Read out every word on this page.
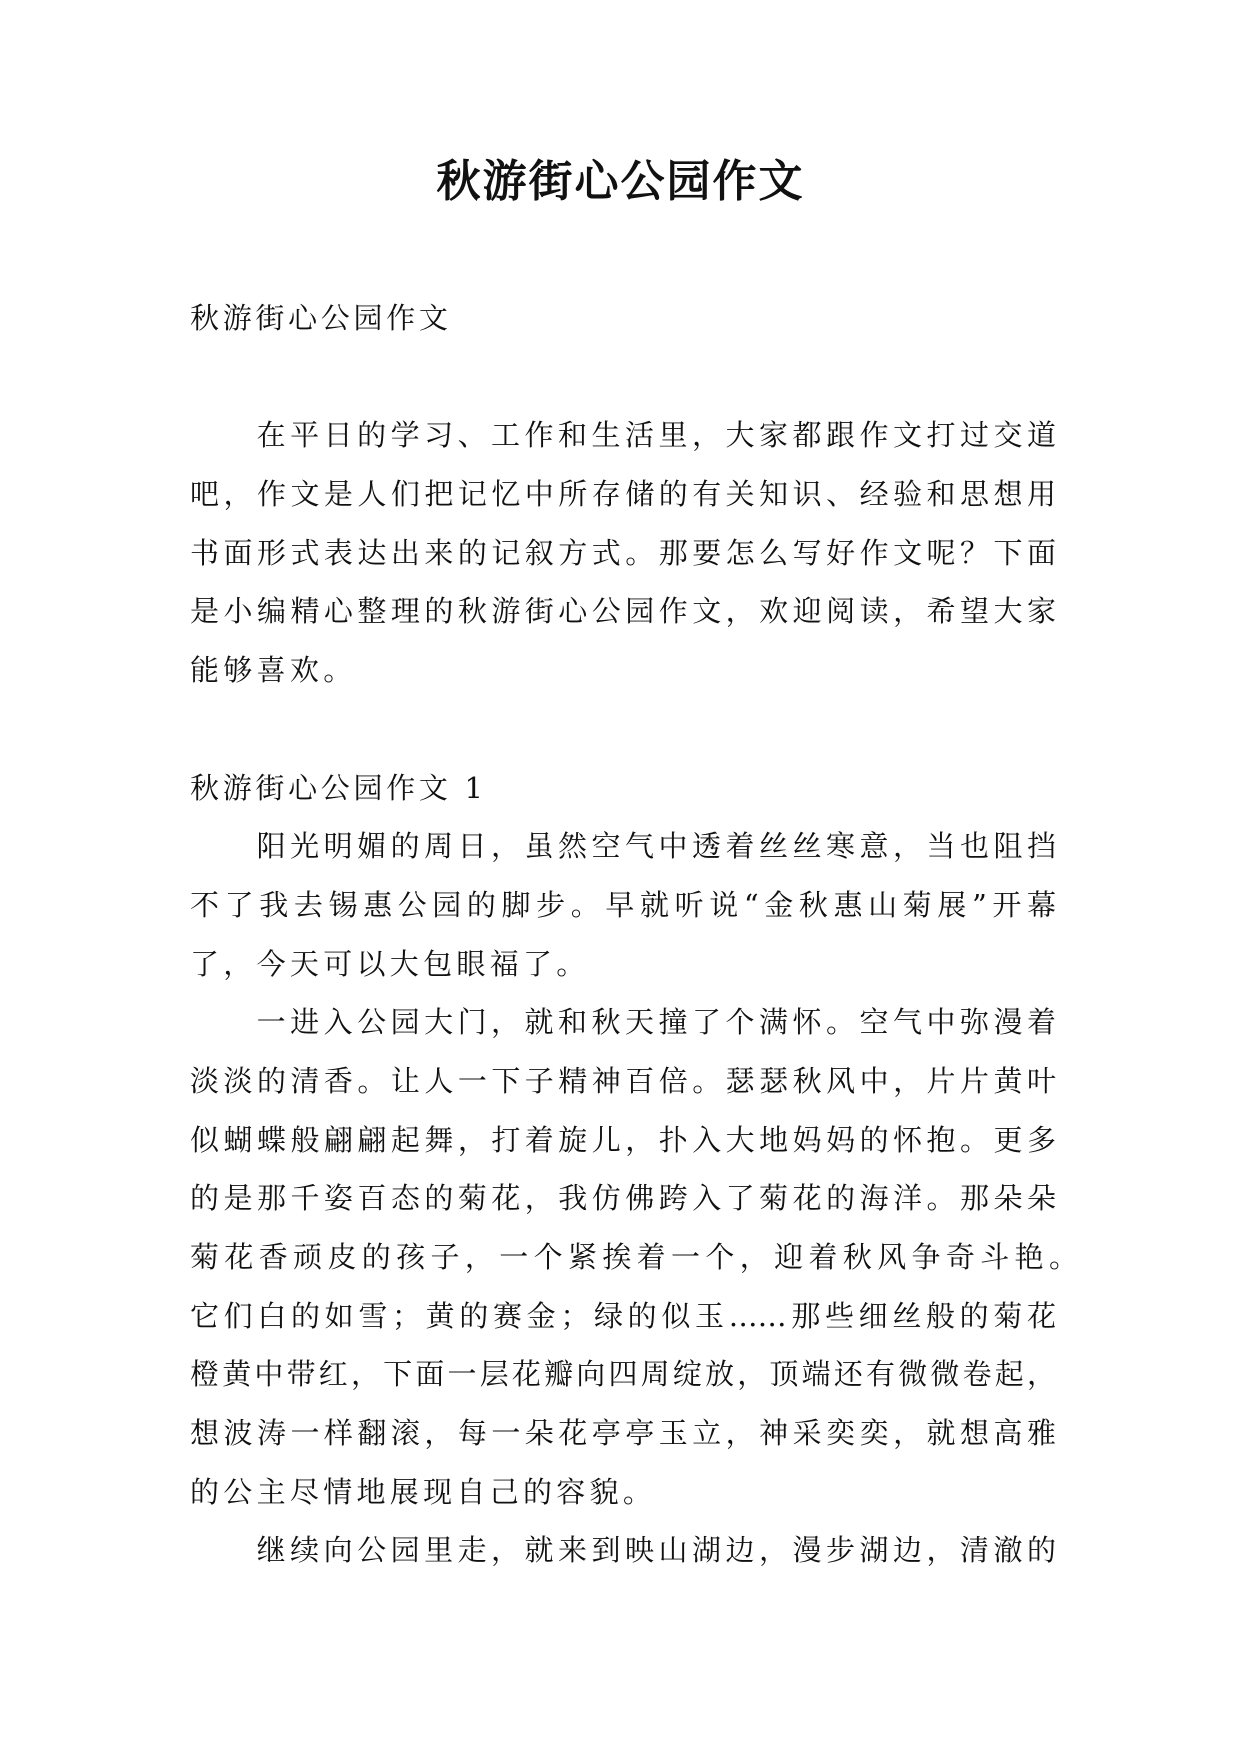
秋游街心公园作文
秋游街心公园作文
在平日的学习、工作和生活里，大家都跟作文打过交道
吧，作文是人们把记忆中所存储的有关知识、经验和思想用
书面形式表达出来的记叙方式。那要怎么写好作文呢？下面
是小编精心整理的秋游街心公园作文，欢迎阅读，希望大家
能够喜欢。
秋游街心公园作文 1
阳光明媚的周日，虽然空气中透着丝丝寒意，当也阻挡
不了我去锡惠公园的脚步。早就听说“金秋惠山菊展”开幕
了，今天可以大包眼福了。
一进入公园大门，就和秋天撞了个满怀。空气中弥漫着
淡淡的清香。让人一下子精神百倍。瑟瑟秋风中，片片黄叶
似蝴蝶般翩翩起舞，打着旋儿，扑入大地妈妈的怀抱。更多
的是那千姿百态的菊花，我仿佛跨入了菊花的海洋。那朵朵
菊花香顽皮的孩子，一个紧挨着一个，迎着秋风争奇斗艳。
它们白的如雪；黄的赛金；绿的似玉……那些细丝般的菊花
橙黄中带红，下面一层花瓣向四周绽放，顶端还有微微卷起，
想波涛一样翻滚，每一朵花亭亭玉立，神采奕奕，就想高雅
的公主尽情地展现自己的容貌。
继续向公园里走，就来到映山湖边，漫步湖边，清澈的
